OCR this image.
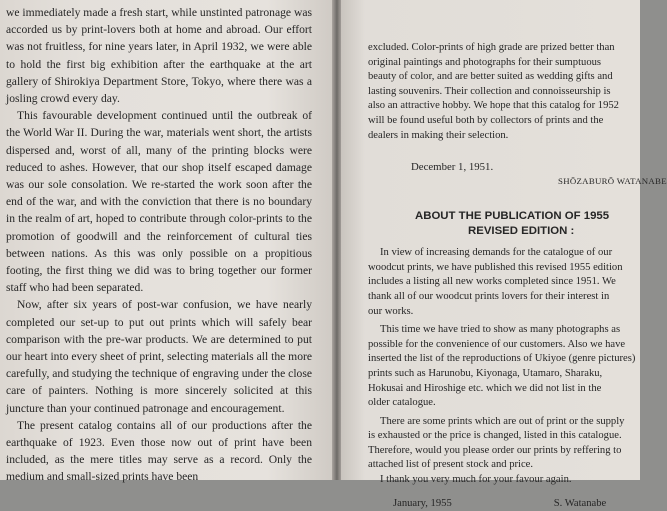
we immediately made a fresh start, while unstinted patronage was accorded us by print-lovers both at home and abroad. Our effort was not fruitless, for nine years later, in April 1932, we were able to hold the first big exhibition after the earthquake at the art gallery of Shirokiya Department Store, Tokyo, where there was a josling crowd every day.

This favourable development continued until the outbreak of the World War II. During the war, materials went short, the artists dispersed and, worst of all, many of the printing blocks were reduced to ashes. However, that our shop itself escaped damage was our sole consolation. We re-started the work soon after the end of the war, and with the conviction that there is no boundary in the realm of art, hoped to contribute through color-prints to the promotion of goodwill and the reinforcement of cultural ties between nations. As this was only possible on a propitious footing, the first thing we did was to bring together our former staff who had been separated.

Now, after six years of post-war confusion, we have nearly completed our set-up to put out prints which will safely bear comparison with the pre-war products. We are determined to put our heart into every sheet of print, selecting materials all the more carefully, and studying the technique of engraving under the close care of painters. Nothing is more sincerely solicited at this juncture than your continued patronage and encouragement.

The present catalog contains all of our productions after the earthquake of 1923. Even those now out of print have been included, as the mere titles may serve as a record. Only the medium and small-sized prints have been

excluded. Color-prints of high grade are prized better than

original paintings and photographs for their sumptuous

beauty of color, and are better suited as wedding gifts and

lasting souvenirs. Their collection and connoisseurship is

also an attractive hobby. We hope that this catalog for 1952

will be found useful both by collectors of prints and the

dealers in making their selection.

December 1, 1951.
SHŌZABURŌ WATANABE
ABOUT THE PUBLICATION OF 1955
REVISED EDITION :

In view of increasing demands for the catalogue of our

woodcut prints, we have published this revised 1955 edition

includes a listing all new works completed since 1951. We

thank all of our woodcut prints lovers for their interest in

our works.

This time we have tried to show as many photographs as

possible for the convenience of our customers. Also we have

inserted the list of the reproductions of Ukiyoe (genre pictures)

prints such as Harunobu, Kiyonaga, Utamaro, Sharaku,

Hokusai and Hiroshige etc. which we did not list in the

older catalogue.

There are some prints which are out of print or the supply

is exhausted or the price is changed, listed in this catalogue.

Therefore, would you please order our prints by reffering to

attached list of present stock and price.

I thank you very much for your favour again.

January, 1955	S. Watanabe
